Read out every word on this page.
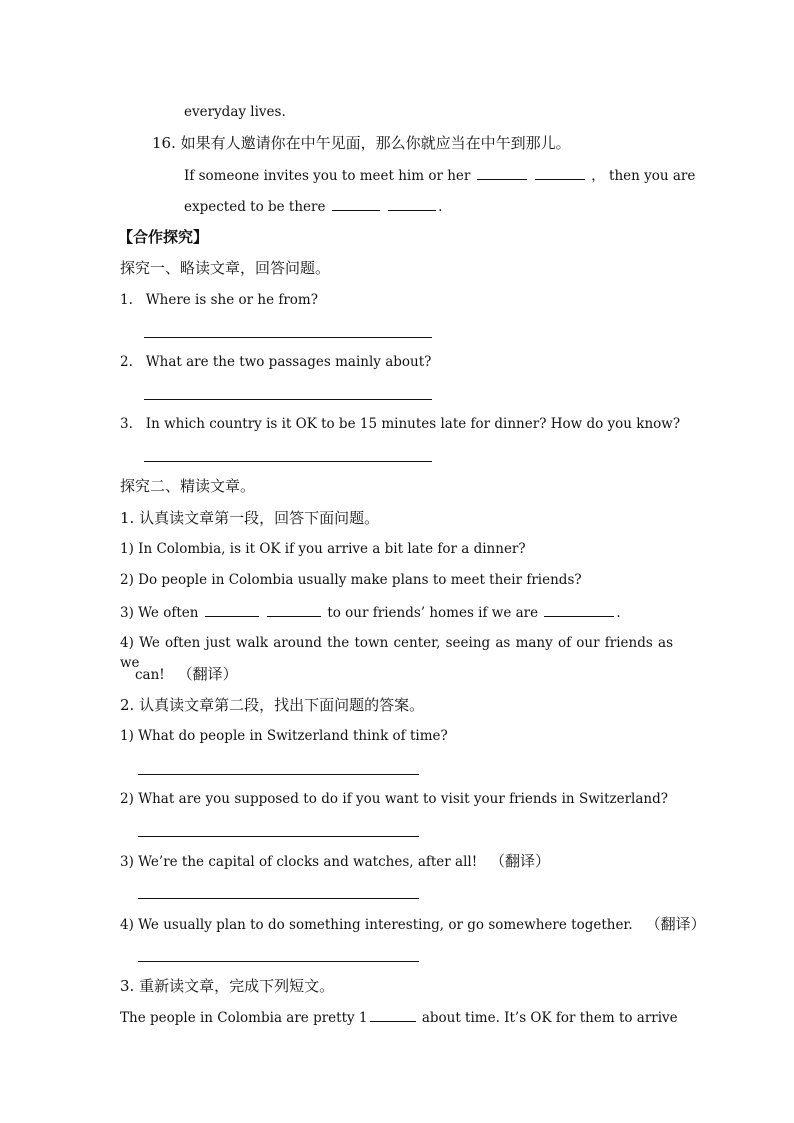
everyday lives.
16. 如果有人邀请你在中午见面，那么你就应当在中午到那儿。
If someone invites you to meet him or her	， then you are
expected to be there	.
【合作探究】
探究一、略读文章，回答问题。
1. Where is she or he from?
2. What are the two passages mainly about?
3. In which country is it OK to be 15 minutes late for dinner? How do you know?
探究二、精读文章。
1. 认真读文章第一段，回答下面问题。
1) In Colombia, is it OK if you arrive a bit late for a dinner?
2) Do people in Colombia usually make plans to meet their friends?
3) We often	to our friends’ homes if we are	.
4) We often just walk around the town center, seeing as many of our friends as we
can! （翻译）
2. 认真读文章第二段，找出下面问题的答案。
1) What do people in Switzerland think of time?
2) What are you supposed to do if you want to visit your friends in Switzerland?
3) We’re the capital of clocks and watches, after all! （翻译）
4) We usually plan to do something interesting, or go somewhere together. （翻译）
3. 重新读文章，完成下列短文。
The people in Colombia are pretty 1	about time. It’s OK for them to arrive
